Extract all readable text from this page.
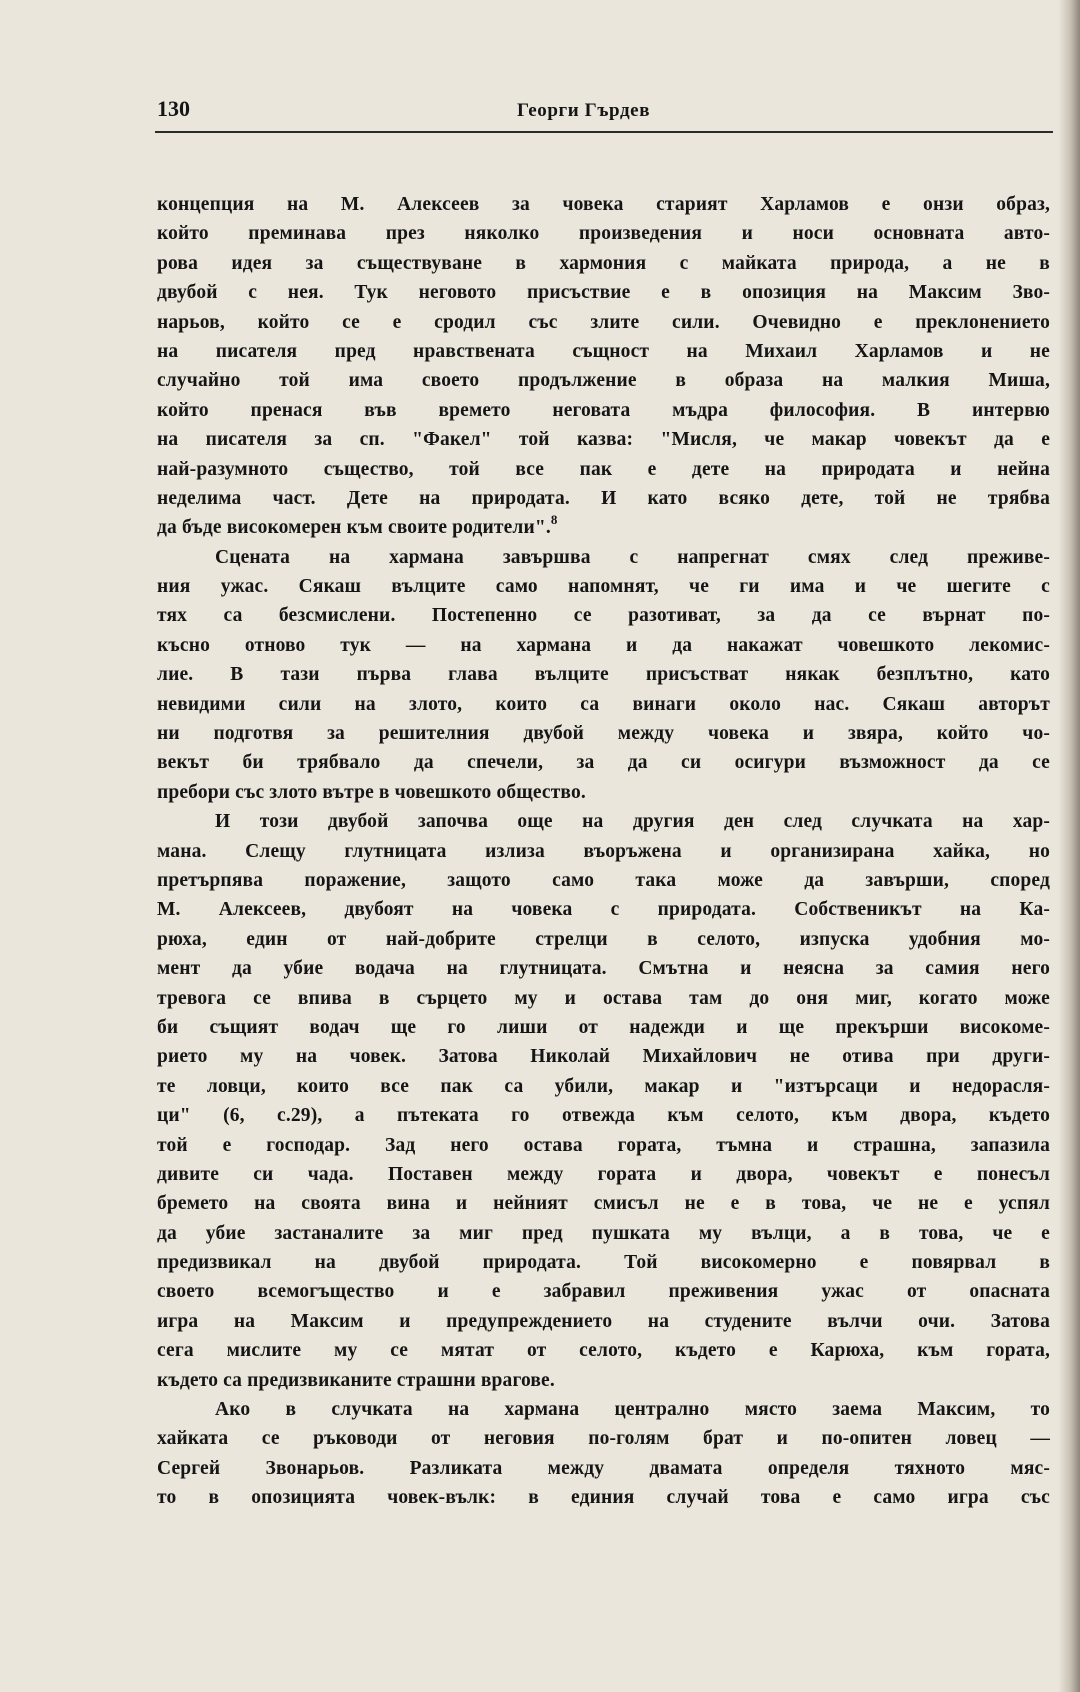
130	Георги Гърдев
концепция на М. Алексеев за човека старият Харламов е онзи образ,
който преминава през няколко произведения и носи основната авто-
рова идея за съществуване в хармония с майката природа, а не в
двубой с нея. Тук неговото присъствие е в опозиция на Максим Зво-
нарьов, който се е сродил със злите сили. Очевидно е преклонението
на писателя пред нравствената същност на Михаил Харламов и не
случайно той има своето продължение в образа на малкия Миша,
който пренася във времето неговата мъдра философия. В интервю
на писателя за сп. "Факел" той казва: "Мисля, че макар човекът да е
най-разумното същество, той все пак е дете на природата и нейна
неделима част. Дете на природата. И като всяко дете, той не трябва
да бъде високомерен към своите родители".$^8$
Сцената на хармана завършва с напрегнат смях след преживе-
ния ужас. Сякаш вълците само напомнят, че ги има и че шегите с
тях са безсмислени. Постепенно се разотиват, за да се върнат по-
късно отново тук — на хармана и да накажат човешкото лекомис-
лие. В тази първа глава вълците присъстват някак безплътно, като
невидими сили на злото, които са винаги около нас. Сякаш авторът
ни подготвя за решителния двубой между човека и звяра, който чо-
векът би трябвало да спечели, за да си осигури възможност да се
пребори със злото вътре в човешкото общество.
И този двубой започва още на другия ден след случката на хар-
мана. Слещу глутницата излиза въоръжена и организирана хайка, но
претърпява поражение, защото само така може да завърши, според
М. Алексеев, двубоят на човека с природата. Собственикът на Ка-
рюха, един от най-добрите стрелци в селото, изпуска удобния мо-
мент да убие водача на глутницата. Смътна и неясна за самия него
тревога се впива в сърцето му и остава там до оня миг, когато може
би същият водач ще го лиши от надежди и ще прекърши високоме-
рието му на човек. Затова Николай Михайлович не отива при други-
те ловци, които все пак са убили, макар и "изтърсаци и недорасля-
ци" (6, с.29), а пътеката го отвежда към селото, към двора, където
той е господар. Зад него остава гората, тъмна и страшна, запазила
дивите си чада. Поставен между гората и двора, човекът е понесъл
бремето на своята вина и нейният смисъл не е в това, че не е успял
да убие застаналите за миг пред пушката му вълци, а в това, че е
предизвикал на двубой природата. Той високомерно е повярвал в
своето всемогъщество и е забравил преживения ужас от опасната
игра на Максим и предупреждението на студените вълчи очи. Затова
сега мислите му се мятат от селото, където е Карюха, към гората,
където са предизвиканите страшни врагове.
Ако в случката на хармана централно място заема Максим, то
хайката се ръководи от неговия по-голям брат и по-опитен ловец —
Сергей Звонарьов. Разликата между двамата определя тяхното мяс-
то в опозицията човек-вълк: в единия случай това е само игра със
